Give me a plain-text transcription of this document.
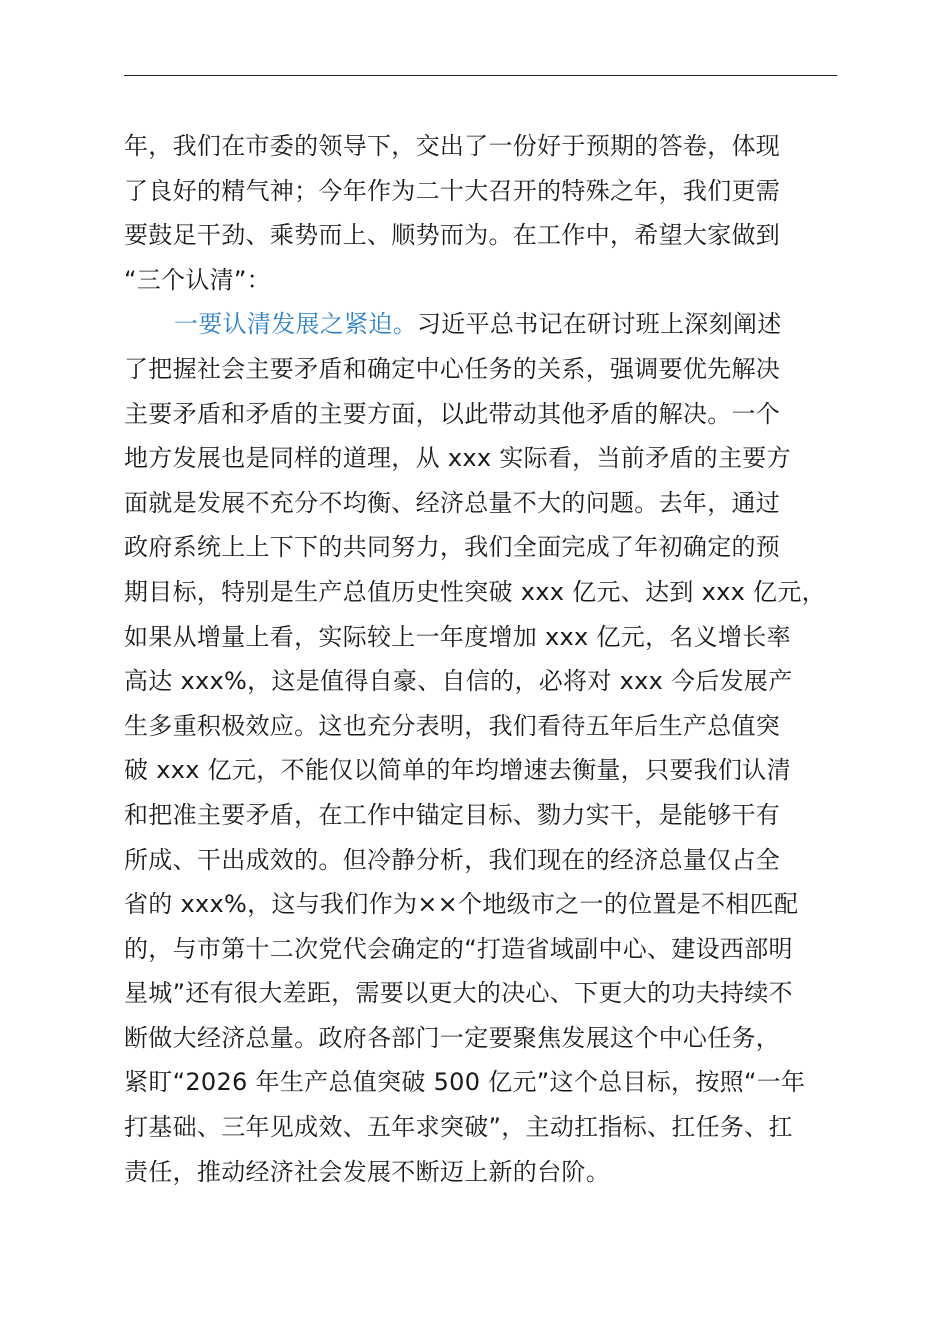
年，我们在市委的领导下，交出了一份好于预期的答卷，体现
了良好的精气神；今年作为二十大召开的特殊之年，我们更需
要鼓足干劲、乘势而上、顺势而为。在工作中，希望大家做到
“三个认清”：
一要认清发展之紧迫。习近平总书记在研讨班上深刻阐述
了把握社会主要矛盾和确定中心任务的关系，强调要优先解决
主要矛盾和矛盾的主要方面，以此带动其他矛盾的解决。一个
地方发展也是同样的道理，从 xxx 实际看，当前矛盾的主要方
面就是发展不充分不均衡、经济总量不大的问题。去年，通过
政府系统上上下下的共同努力，我们全面完成了年初确定的预
期目标，特别是生产总值历史性突破 xxx 亿元、达到 xxx 亿元，
如果从增量上看，实际较上一年度增加 xxx 亿元，名义增长率
高达 xxx%，这是值得自豪、自信的，必将对 xxx 今后发展产
生多重积极效应。这也充分表明，我们看待五年后生产总值突
破 xxx 亿元，不能仅以简单的年均增速去衡量，只要我们认清
和把准主要矛盾，在工作中锚定目标、勠力实干，是能够干有
所成、干出成效的。但冷静分析，我们现在的经济总量仅占全
省的 xxx%，这与我们作为××个地级市之一的位置是不相匹配
的，与市第十二次党代会确定的“打造省域副中心、建设西部明
星城”还有很大差距，需要以更大的决心、下更大的功夫持续不
断做大经济总量。政府各部门一定要聚焦发展这个中心任务，
紧盯“2026 年生产总值突破 500 亿元”这个总目标，按照“一年
打基础、三年见成效、五年求突破”，主动扛指标、扛任务、扛
责任，推动经济社会发展不断迈上新的台阶。
